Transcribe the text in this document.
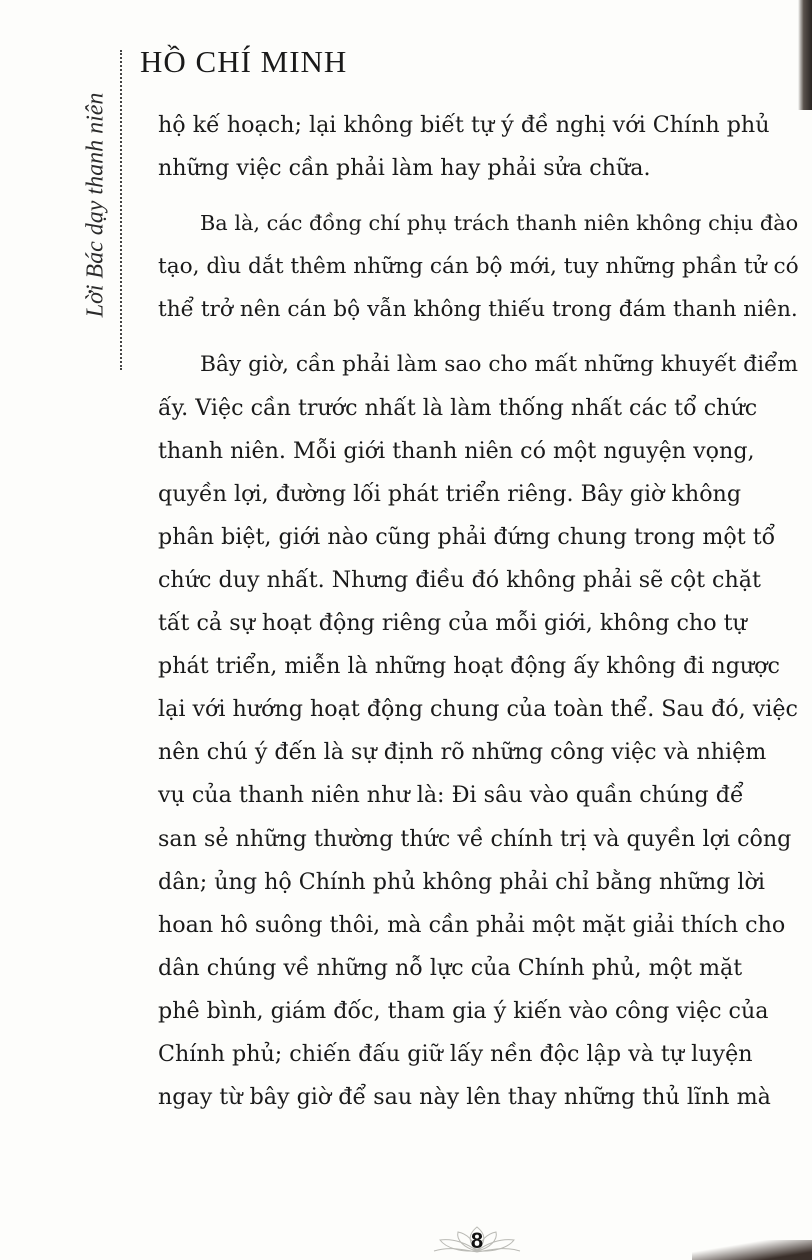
HỒ CHÍ MINH
Lời Bác dạy thanh niên hộ kế hoạch; lại không biết tự ý đề nghị với Chính phủ
những việc cần phải làm hay phải sửa chữa.
Ba là, các đồng chí phụ trách thanh niên không chịu đào
tạo, dìu dắt thêm những cán bộ mới, tuy những phần tử có
thể trở nên cán bộ vẫn không thiếu trong đám thanh niên.
Bây giờ, cần phải làm sao cho mất những khuyết điểm
ấy. Việc cần trước nhất là làm thống nhất các tổ chức
thanh niên. Mỗi giới thanh niên có một nguyện vọng,
quyền lợi, đường lối phát triển riêng. Bây giờ không
phân biệt, giới nào cũng phải đứng chung trong một tổ
chức duy nhất. Nhưng điều đó không phải sẽ cột chặt
tất cả sự hoạt động riêng của mỗi giới, không cho tự
phát triển, miễn là những hoạt động ấy không đi ngược
lại với hướng hoạt động chung của toàn thể. Sau đó, việc
nên chú ý đến là sự định rõ những công việc và nhiệm
vụ của thanh niên như là: Đi sâu vào quần chúng để
san sẻ những thường thức về chính trị và quyền lợi công
dân; ủng hộ Chính phủ không phải chỉ bằng những lời
hoan hô suông thôi, mà cần phải một mặt giải thích cho
dân chúng về những nỗ lực của Chính phủ, một mặt
phê bình, giám đốc, tham gia ý kiến vào công việc của
Chính phủ; chiến đấu giữ lấy nền độc lập và tự luyện
ngay từ bây giờ để sau này lên thay những thủ lĩnh mà
8
